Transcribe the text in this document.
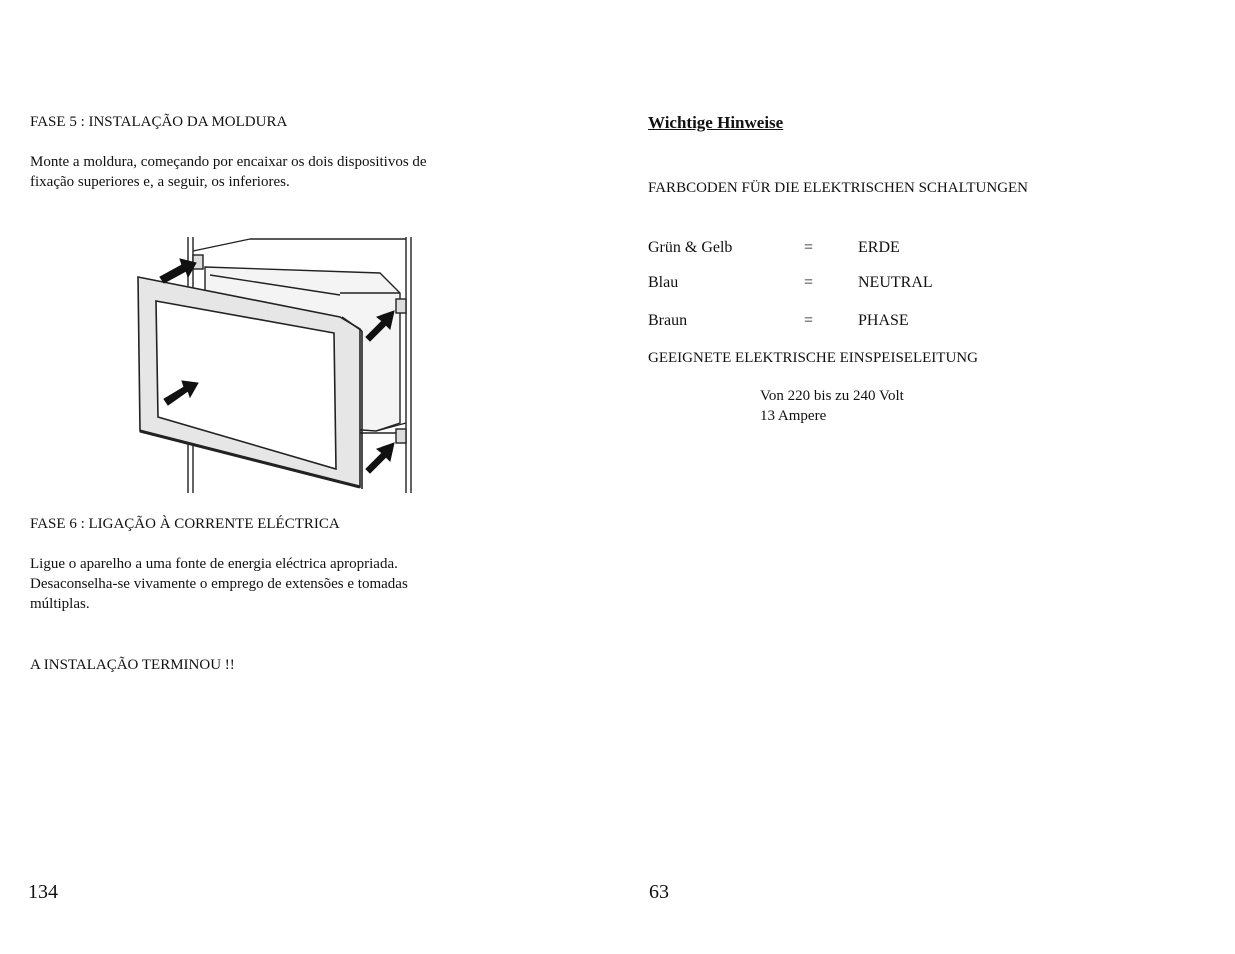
FASE 5 : INSTALAÇÃO DA MOLDURA
Monte a moldura, começando por encaixar os dois dispositivos de
fixação superiores e, a seguir, os inferiores.
FASE 6 : LIGAÇÃO À CORRENTE ELÉCTRICA
Ligue o aparelho a uma fonte de energia eléctrica apropriada.
Desaconselha-se vivamente o emprego de extensões e tomadas
múltiplas.
A INSTALAÇÃO TERMINOU !!
134
Wichtige Hinweise
FARBCODEN FÜR DIE ELEKTRISCHEN SCHALTUNGEN
Grün & Gelb	=	ERDE
Blau	=	NEUTRAL
Braun	=	PHASE
GEEIGNETE ELEKTRISCHE EINSPEISELEITUNG
Von 220 bis zu 240 Volt
13 Ampere
63
